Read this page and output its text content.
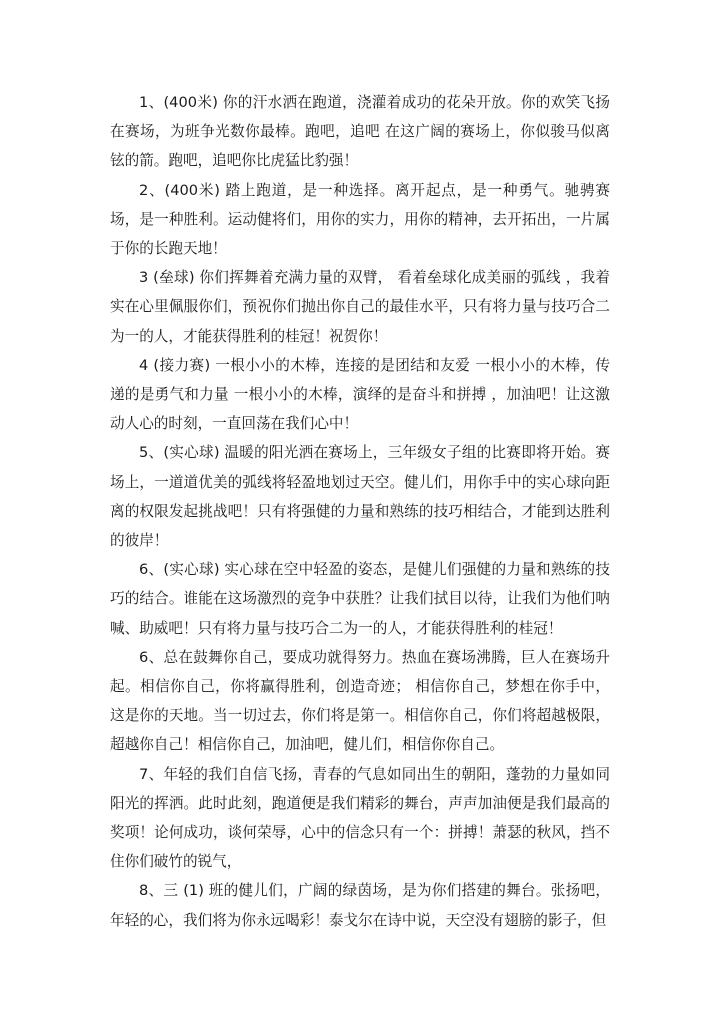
1、(400米) 你的汗水洒在跑道，浇灌着成功的花朵开放。你的欢笑飞扬在赛场，为班争光数你最棒。跑吧，追吧 在这广阔的赛场上，你似骏马似离铉的箭。跑吧，追吧你比虎猛比豹强！

2、(400米) 踏上跑道，是一种选择。离开起点，是一种勇气。驰骋赛场，是一种胜利。运动健将们，用你的实力，用你的精神，去开拓出，一片属于你的长跑天地！

3 (垒球) 你们挥舞着充满力量的双臂， 看着垒球化成美丽的弧线 ，我着实在心里佩服你们，预祝你们抛出你自己的最佳水平，只有将力量与技巧合二为一的人，才能获得胜利的桂冠！祝贺你！

4 (接力赛) 一根小小的木棒，连接的是团结和友爱 一根小小的木棒，传递的是勇气和力量 一根小小的木棒，演绎的是奋斗和拼搏 ，加油吧！让这激动人心的时刻，一直回荡在我们心中！

5、(实心球) 温暖的阳光洒在赛场上，三年级女子组的比赛即将开始。赛场上，一道道优美的弧线将轻盈地划过天空。健儿们，用你手中的实心球向距离的权限发起挑战吧！只有将强健的力量和熟练的技巧相结合，才能到达胜利的彼岸！

6、(实心球) 实心球在空中轻盈的姿态，是健儿们强健的力量和熟练的技巧的结合。谁能在这场激烈的竞争中获胜？让我们拭目以待，让我们为他们呐喊、助威吧！只有将力量与技巧合二为一的人，才能获得胜利的桂冠！

6、总在鼓舞你自己，要成功就得努力。热血在赛场沸腾，巨人在赛场升起。相信你自己，你将赢得胜利，创造奇迹； 相信你自己，梦想在你手中，这是你的天地。当一切过去，你们将是第一。相信你自己，你们将超越极限，超越你自己！相信你自己，加油吧，健儿们，相信你你自己。

7、年轻的我们自信飞扬，青春的气息如同出生的朝阳，蓬勃的力量如同阳光的挥洒。此时此刻，跑道便是我们精彩的舞台，声声加油便是我们最高的奖项！论何成功，谈何荣辱，心中的信念只有一个：拼搏！萧瑟的秋风，挡不住你们破竹的锐气，

8、三 (1) 班的健儿们，广阔的绿茵场，是为你们搭建的舞台。张扬吧，年轻的心，我们将为你永远喝彩！泰戈尔在诗中说，天空没有翅膀的影子，但
